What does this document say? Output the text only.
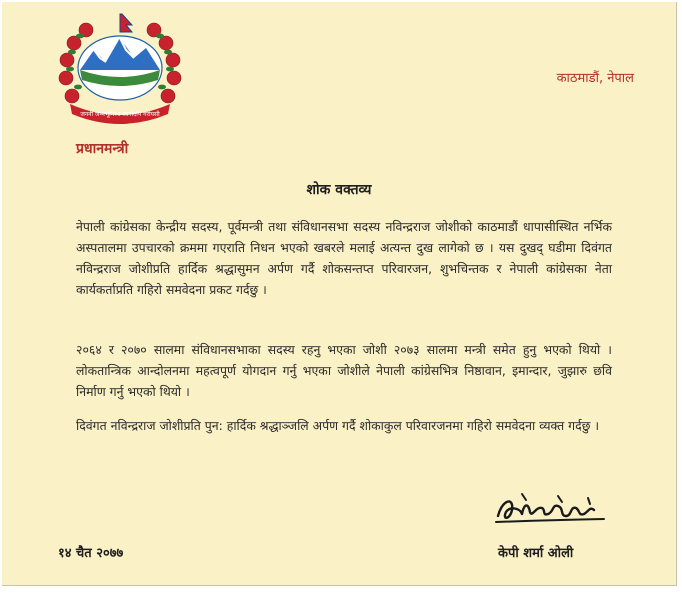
जननी जन्मभूमिश्च स्वर्गादपि गरीयसी
प्रधानमन्त्री
काठमाडौं, नेपाल
शोक वक्तव्य

नेपाली कांग्रेसका केन्द्रीय सदस्य, पूर्वमन्त्री तथा संविधानसभा सदस्य नविन्द्रराज जोशीको काठमाडौं धापासीस्थित नर्भिक अस्पतालमा उपचारको क्रममा गएराति निधन भएको खबरले मलाई अत्यन्त दुख लागेको छ । यस दुखद् घडीमा दिवंगत नविन्द्रराज जोशीप्रति हार्दिक श्रद्धासुमन अर्पण गर्दै शोकसन्तप्त परिवारजन, शुभचिन्तक र नेपाली कांग्रेसका नेता कार्यकर्ताप्रति गहिरो समवेदना प्रकट गर्दछु ।

२०६४ र २०७० सालमा संविधानसभाका सदस्य रहनु भएका जोशी २०७३ सालमा मन्त्री समेत हुनु भएको थियो । लोकतान्त्रिक आन्दोलनमा महत्वपूर्ण योगदान गर्नु भएका जोशीले नेपाली कांग्रेसभित्र निष्ठावान, इमान्दार, जुझारु छवि निर्माण गर्नु भएको थियो ।

दिवंगत नविन्द्रराज जोशीप्रति पुन: हार्दिक श्रद्धाञ्जलि अर्पण गर्दै शोकाकुल परिवारजनमा गहिरो समवेदना व्यक्त गर्दछु ।

१४ चैत २०७७	केपी शर्मा ओली
